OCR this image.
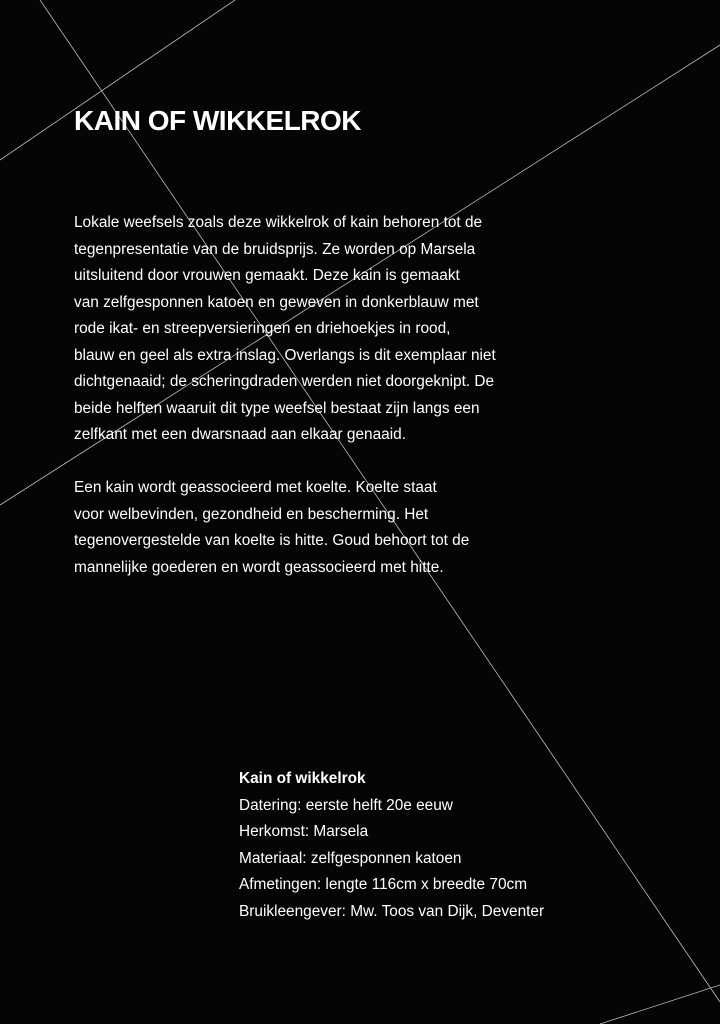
KAIN OF WIKKELROK

Lokale weefsels zoals deze wikkelrok of kain behoren tot de
tegenpresentatie van de bruidsprijs. Ze worden op Marsela
uitsluitend door vrouwen gemaakt. Deze kain is gemaakt
van zelfgesponnen katoen en geweven in donkerblauw met
rode ikat- en streepversieringen en driehoekjes in rood,
blauw en geel als extra inslag. Overlangs is dit exemplaar niet
dichtgenaaid; de scheringdraden werden niet doorgeknipt. De
beide helften waaruit dit type weefsel bestaat zijn langs een
zelfkant met een dwarsnaad aan elkaar genaaid.

Een kain wordt geassocieerd met koelte. Koelte staat
voor welbevinden, gezondheid en bescherming. Het
tegenovergestelde van koelte is hitte. Goud behoort tot de
mannelijke goederen en wordt geassocieerd met hitte.

Kain of wikkelrok
Datering: eerste helft 20e eeuw
Herkomst: Marsela
Materiaal: zelfgesponnen katoen
Afmetingen: lengte 116cm x breedte 70cm
Bruikleengever: Mw. Toos van Dijk, Deventer
